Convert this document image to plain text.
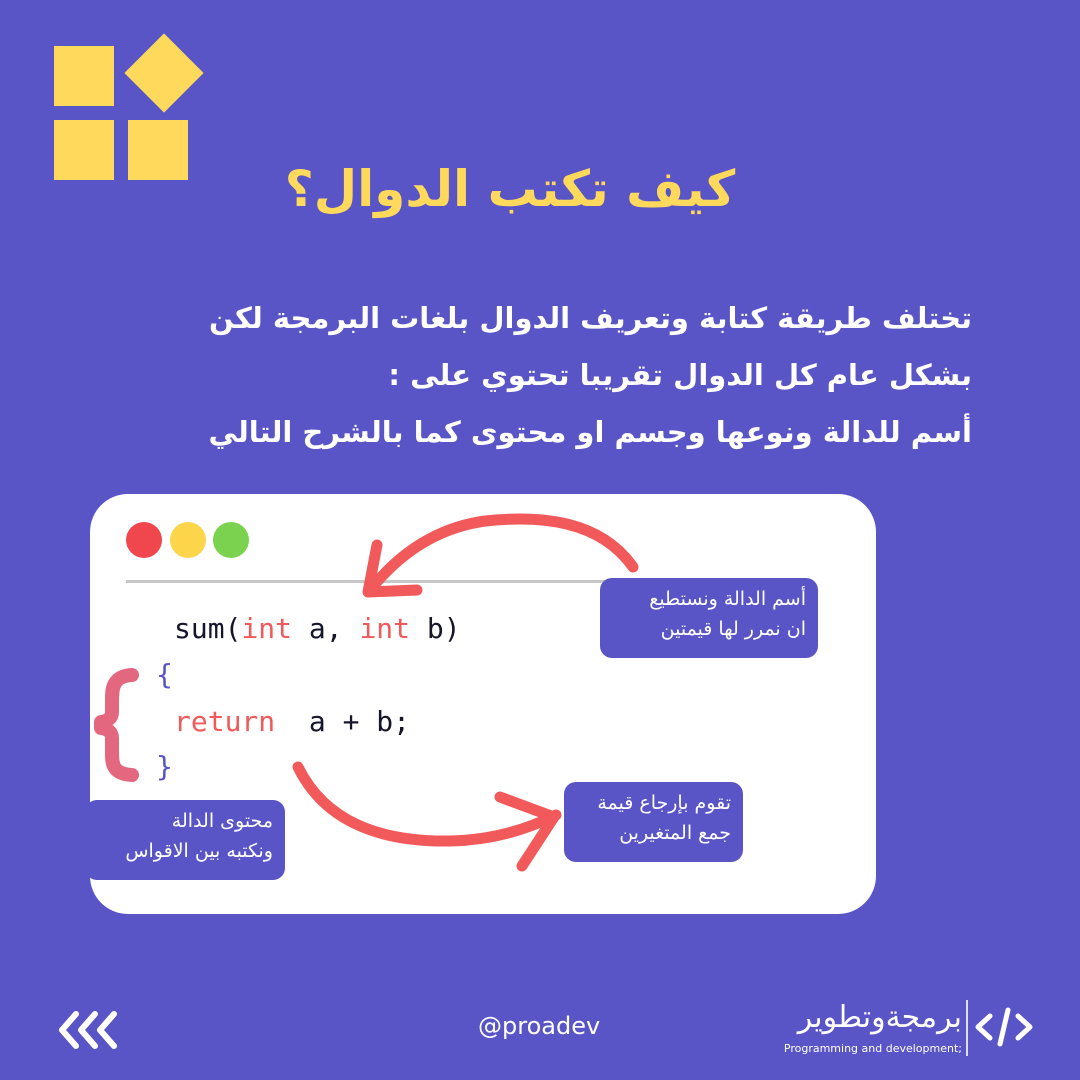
كيف تكتب الدوال؟
تختلف طريقة كتابة وتعريف الدوال بلغات البرمجة لكن
بشكل عام كل الدوال تقريبا تحتوي على :
أسم للدالة ونوعها وجسم او محتوى كما بالشرح التالي
sum(int a, int b)
{
return  a + b;
}
أسم الدالة ونستطيع
ان نمرر لها قيمتين
تقوم بإرجاع قيمة
جمع المتغيرين
محتوى الدالة
ونكتبه بين الاقواس
@proadev	برمجةوتطوير
Programming and development;
